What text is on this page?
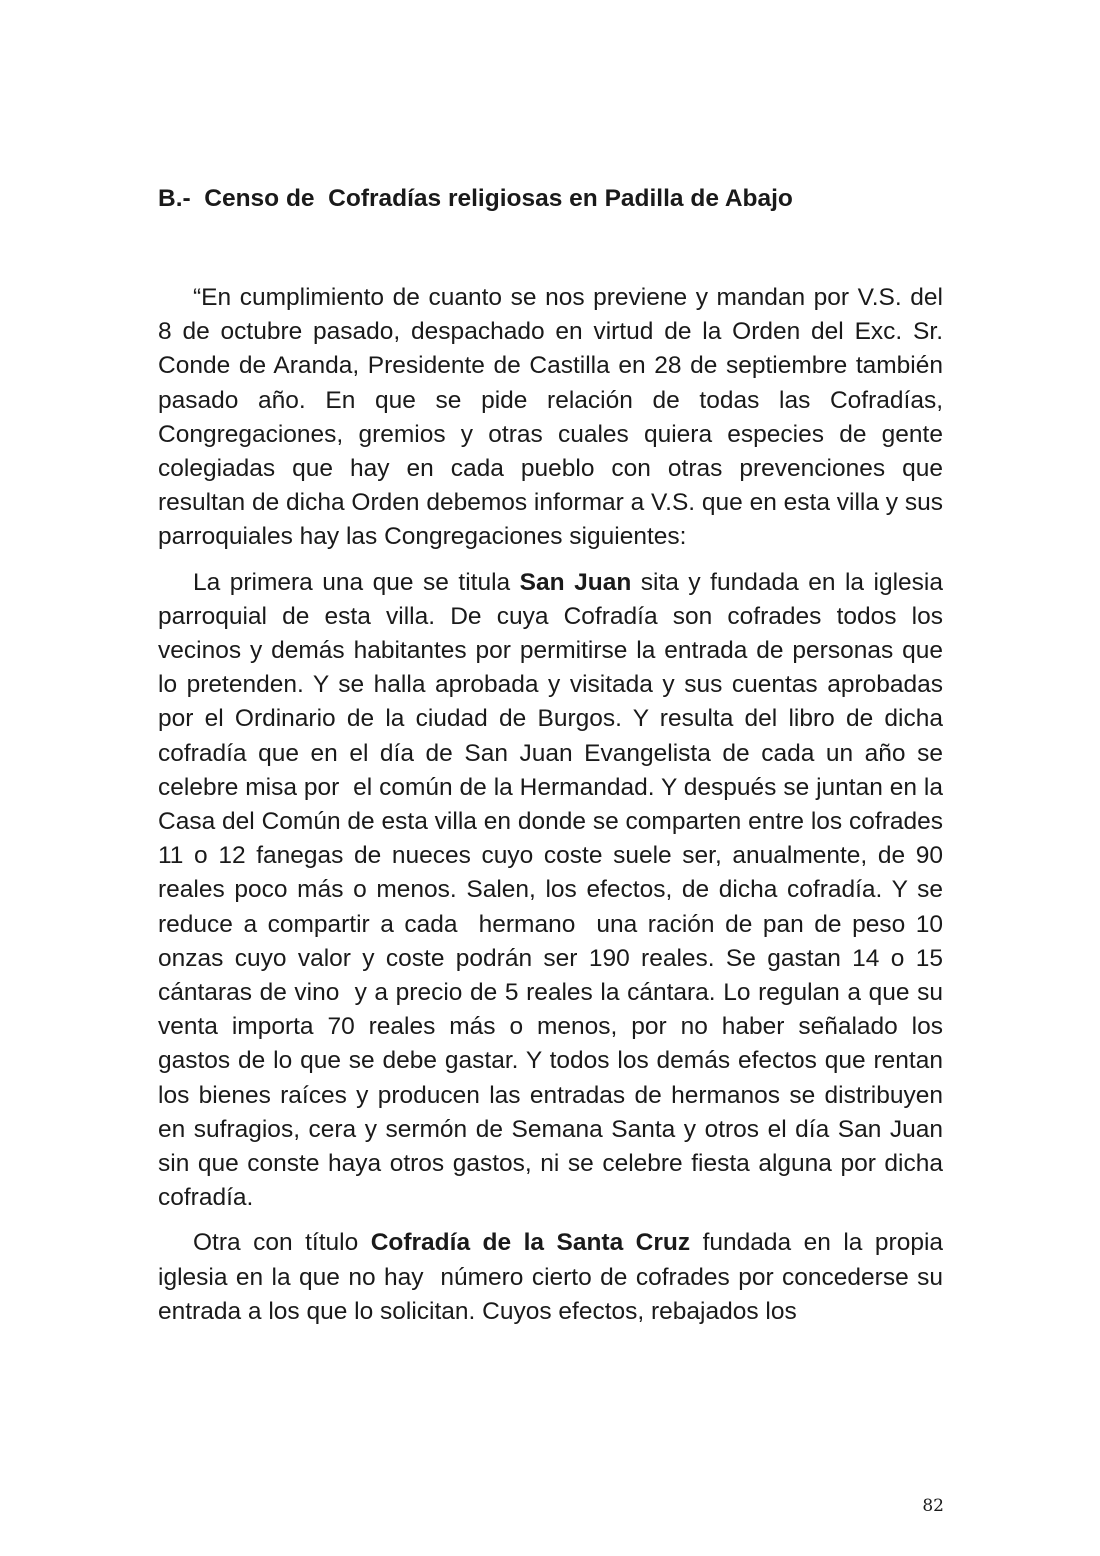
B.-  Censo de  Cofradías religiosas en Padilla de Abajo

“En cumplimiento de cuanto se nos previene y mandan por V.S. del 8 de octubre pasado, despachado en virtud de la Orden del Exc. Sr. Conde de Aranda, Presidente de Castilla en 28 de septiembre también pasado año. En que se pide relación de todas las Cofradías, Congregaciones, gremios y otras cuales quiera especies de gente colegiadas que hay en cada pueblo con otras prevenciones que resultan de dicha Orden debemos informar a V.S. que en esta villa y sus parroquiales hay las Congregaciones siguientes:

La primera una que se titula San Juan sita y fundada en la iglesia parroquial de esta villa. De cuya Cofradía son cofrades todos los vecinos y demás habitantes por permitirse la entrada de personas que lo pretenden. Y se halla aprobada y visitada y sus cuentas aprobadas por el Ordinario de la ciudad de Burgos. Y resulta del libro de dicha cofradía que en el día de San Juan Evangelista de cada un año se celebre misa por  el común de la Hermandad. Y después se juntan en la Casa del Común de esta villa en donde se comparten entre los cofrades 11 o 12 fanegas de nueces cuyo coste suele ser, anualmente, de 90 reales poco más o menos. Salen, los efectos, de dicha cofradía. Y se reduce a compartir a cada  hermano  una ración de pan de peso 10 onzas cuyo valor y coste podrán ser 190 reales. Se gastan 14 o 15 cántaras de vino  y a precio de 5 reales la cántara. Lo regulan a que su venta importa 70 reales más o menos, por no haber señalado los gastos de lo que se debe gastar. Y todos los demás efectos que rentan los bienes raíces y producen las entradas de hermanos se distribuyen en sufragios, cera y sermón de Semana Santa y otros el día San Juan sin que conste haya otros gastos, ni se celebre fiesta alguna por dicha cofradía.

Otra con título Cofradía de la Santa Cruz fundada en la propia iglesia en la que no hay  número cierto de cofrades por concederse su entrada a los que lo solicitan. Cuyos efectos, rebajados los

82
